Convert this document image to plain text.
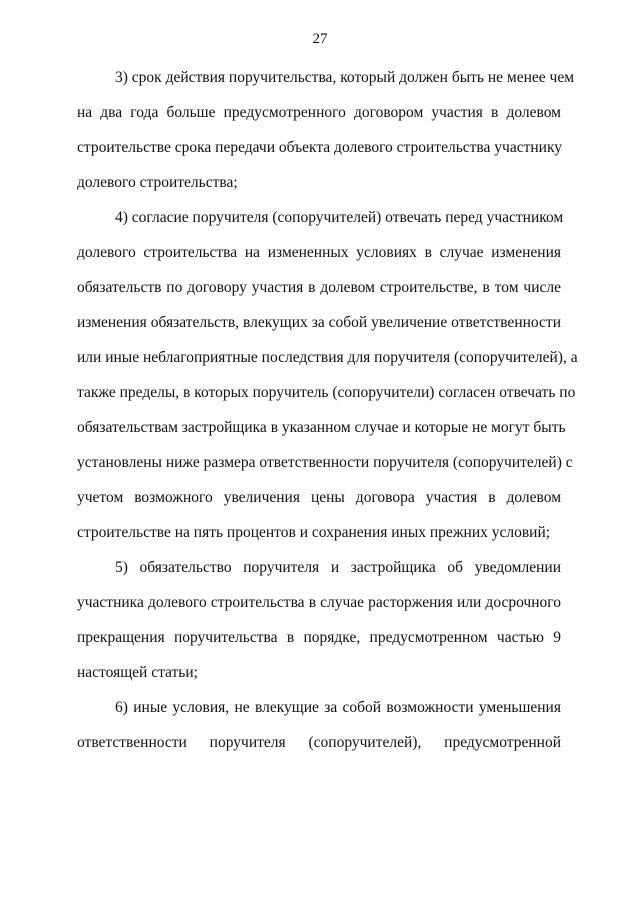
27
3) срок действия поручительства, который должен быть не менее чем
на два года больше предусмотренного договором участия в долевом
строительстве срока передачи объекта долевого строительства участнику
долевого строительства;
4) согласие поручителя (сопоручителей) отвечать перед участником
долевого строительства на измененных условиях в случае изменения
обязательств по договору участия в долевом строительстве, в том числе
изменения обязательств, влекущих за собой увеличение ответственности
или иные неблагоприятные последствия для поручителя (сопоручителей), а
также пределы, в которых поручитель (сопоручители) согласен отвечать по
обязательствам застройщика в указанном случае и которые не могут быть
установлены ниже размера ответственности поручителя (сопоручителей) с
учетом возможного увеличения цены договора участия в долевом
строительстве на пять процентов и сохранения иных прежних условий;
5) обязательство поручителя и застройщика об уведомлении
участника долевого строительства в случае расторжения или досрочного
прекращения поручительства в порядке, предусмотренном частью 9
настоящей статьи;
6) иные условия, не влекущие за собой возможности уменьшения
ответственности поручителя (сопоручителей), предусмотренной
